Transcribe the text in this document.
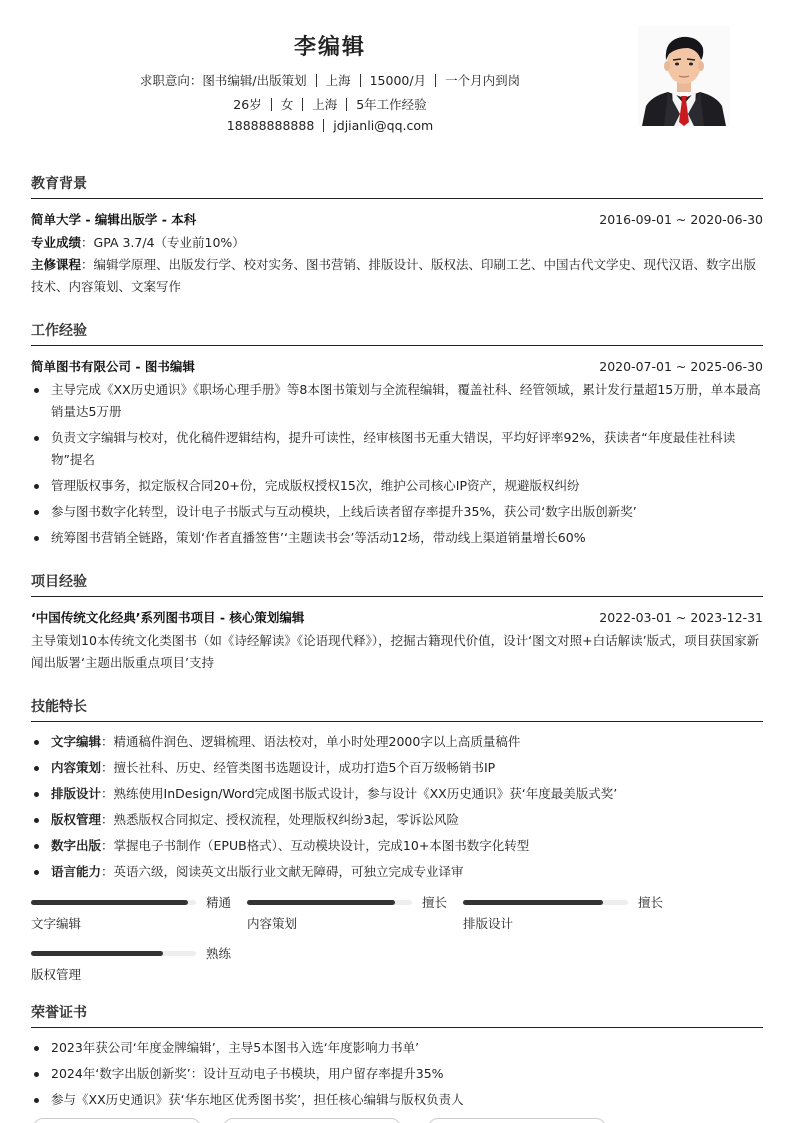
李编辑
求职意向：图书编辑/出版策划 上海 15000/月 一个月内到岗
26岁 女 上海 5年工作经验
18888888888 jdjianli@qq.com
教育背景
简单大学 - 编辑出版学 - 本科	2016-09-01 ~ 2020-06-30
专业成绩：GPA 3.7/4（专业前10%）
主修课程：编辑学原理、出版发行学、校对实务、图书营销、排版设计、版权法、印刷工艺、中国古代文学史、现代汉语、数字出版技术、内容策划、文案写作
工作经验
简单图书有限公司 - 图书编辑	2020-07-01 ~ 2025-06-30
主导完成《XX历史通识》《职场心理手册》等8本图书策划与全流程编辑，覆盖社科、经管领域，累计发行量超15万册，单本最高销量达5万册
负责文字编辑与校对，优化稿件逻辑结构，提升可读性，经审核图书无重大错误，平均好评率92%，获读者“年度最佳社科读物”提名
管理版权事务，拟定版权合同20+份，完成版权授权15次，维护公司核心IP资产，规避版权纠纷
参与图书数字化转型，设计电子书版式与互动模块，上线后读者留存率提升35%，获公司‘数字出版创新奖’
统筹图书营销全链路，策划‘作者直播签售’‘主题读书会’等活动12场，带动线上渠道销量增长60%
项目经验
‘中国传统文化经典’系列图书项目 - 核心策划编辑	2022-03-01 ~ 2023-12-31
主导策划10本传统文化类图书（如《诗经解读》《论语现代释》），挖掘古籍现代价值，设计‘图文对照+白话解读’版式，项目获国家新闻出版署‘主题出版重点项目’支持
技能特长
文字编辑：精通稿件润色、逻辑梳理、语法校对，单小时处理2000字以上高质量稿件
内容策划：擅长社科、历史、经管类图书选题设计，成功打造5个百万级畅销书IP
排版设计：熟练使用InDesign/Word完成图书版式设计，参与设计《XX历史通识》获‘年度最美版式奖’
版权管理：熟悉版权合同拟定、授权流程，处理版权纠纷3起，零诉讼风险
数字出版：掌握电子书制作（EPUB格式）、互动模块设计，完成10+本图书数字化转型
语言能力：英语六级，阅读英文出版行业文献无障碍，可独立完成专业译审
精通
文字编辑
擅长
内容策划
擅长
排版设计
熟练
版权管理
荣誉证书
2023年获公司‘年度金牌编辑’，主导5本图书入选‘年度影响力书单’
2024年‘数字出版创新奖’：设计互动电子书模块，用户留存率提升35%
参与《XX历史通识》获‘华东地区优秀图书奖’，担任核心编辑与版权负责人
